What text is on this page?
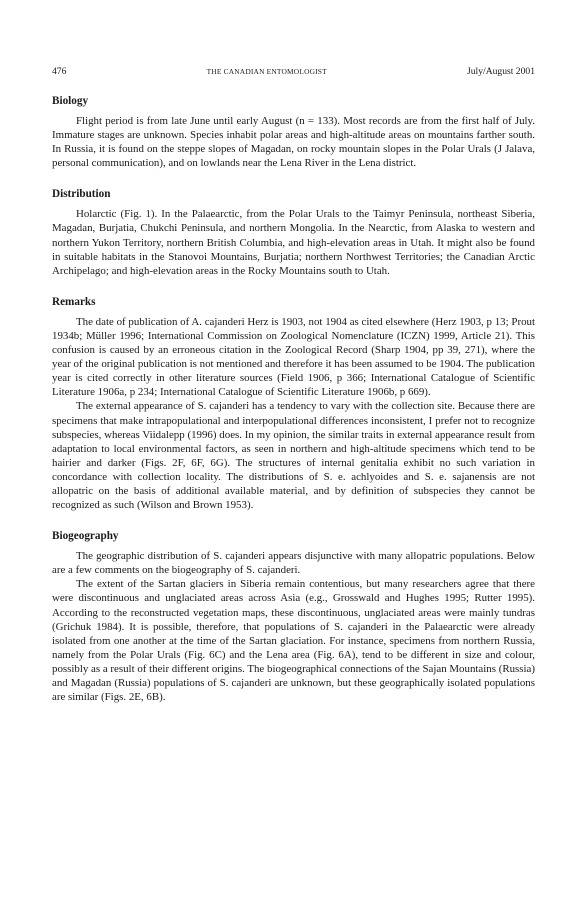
476	THE CANADIAN ENTOMOLOGIST	July/August 2001
Biology

Flight period is from late June until early August (n = 133). Most records are from the first half of July. Immature stages are unknown. Species inhabit polar areas and high-altitude areas on mountains farther south. In Russia, it is found on the steppe slopes of Magadan, on rocky mountain slopes in the Polar Urals (J Jalava, personal communication), and on lowlands near the Lena River in the Lena district.

Distribution

Holarctic (Fig. 1). In the Palaearctic, from the Polar Urals to the Taimyr Peninsula, northeast Siberia, Magadan, Burjatia, Chukchi Peninsula, and northern Mongolia. In the Nearctic, from Alaska to western and northern Yukon Territory, northern British Columbia, and high-elevation areas in Utah. It might also be found in suitable habitats in the Stanovoi Mountains, Burjatia; northern Northwest Territories; the Canadian Arctic Archipelago; and high-elevation areas in the Rocky Mountains south to Utah.

Remarks

The date of publication of A. cajanderi Herz is 1903, not 1904 as cited elsewhere (Herz 1903, p 13; Prout 1934b; Müller 1996; International Commission on Zoological Nomenclature (ICZN) 1999, Article 21). This confusion is caused by an erroneous citation in the Zoological Record (Sharp 1904, pp 39, 271), where the year of the original publication is not mentioned and therefore it has been assumed to be 1904. The publication year is cited correctly in other literature sources (Field 1906, p 366; International Catalogue of Scientific Literature 1906a, p 234; International Catalogue of Scientific Literature 1906b, p 669).

The external appearance of S. cajanderi has a tendency to vary with the collection site. Because there are specimens that make intrapopulational and interpopulational differences inconsistent, I prefer not to recognize subspecies, whereas Viidalepp (1996) does. In my opinion, the similar traits in external appearance result from adaptation to local environmental factors, as seen in northern and high-altitude specimens which tend to be hairier and darker (Figs. 2F, 6F, 6G). The structures of internal genitalia exhibit no such variation in concordance with collection locality. The distributions of S. e. achlyoides and S. e. sajanensis are not allopatric on the basis of additional available material, and by definition of subspecies they cannot be recognized as such (Wilson and Brown 1953).

Biogeography

The geographic distribution of S. cajanderi appears disjunctive with many allopatric populations. Below are a few comments on the biogeography of S. cajanderi.

The extent of the Sartan glaciers in Siberia remain contentious, but many researchers agree that there were discontinuous and unglaciated areas across Asia (e.g., Grosswald and Hughes 1995; Rutter 1995). According to the reconstructed vegetation maps, these discontinuous, unglaciated areas were mainly tundras (Grichuk 1984). It is possible, therefore, that populations of S. cajanderi in the Palaearctic were already isolated from one another at the time of the Sartan glaciation. For instance, specimens from northern Russia, namely from the Polar Urals (Fig. 6C) and the Lena area (Fig. 6A), tend to be different in size and colour, possibly as a result of their different origins. The biogeographical connections of the Sajan Mountains (Russia) and Magadan (Russia) populations of S. cajanderi are unknown, but these geographically isolated populations are similar (Figs. 2E, 6B).
